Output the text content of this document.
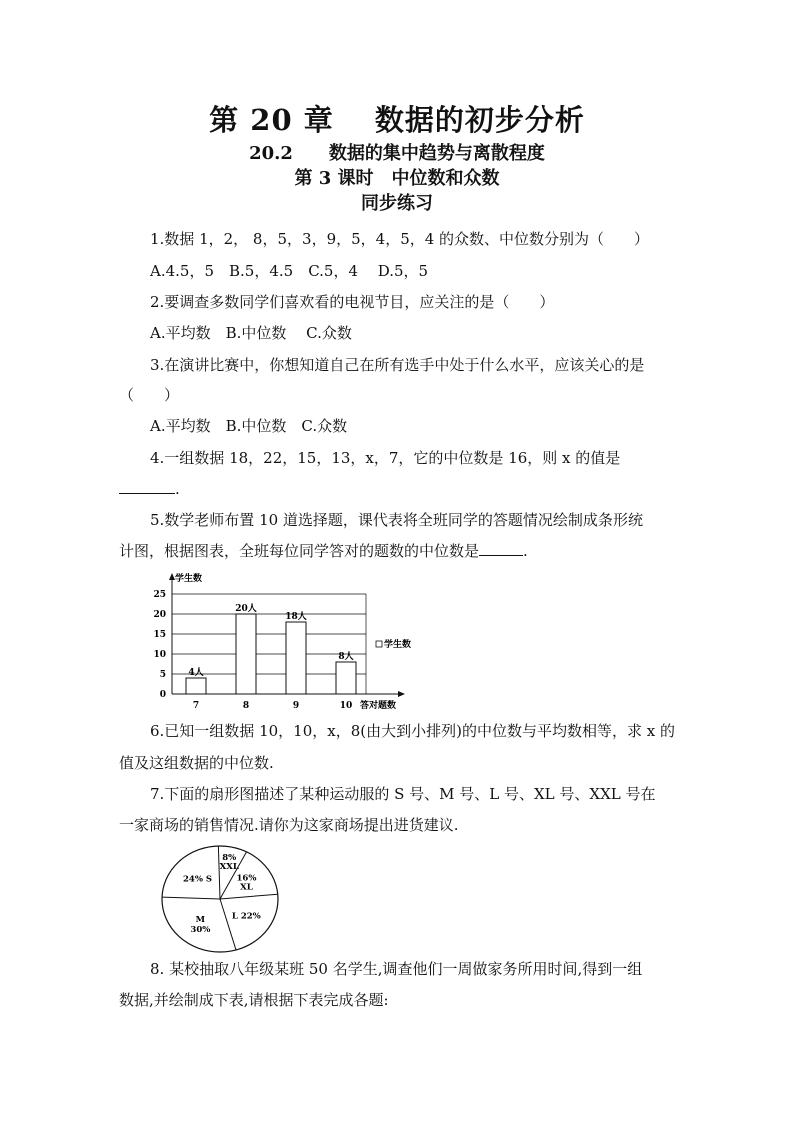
第 20 章　 数据的初步分析
20.2　　数据的集中趋势与离散程度
第 3 课时　中位数和众数
同步练习
1.数据 1，2， 8，5，3，9，5，4，5，4 的众数、中位数分别为（　　）
A.4.5，5　B.5，4.5　C.5，4　 D.5，5
2.要调查多数同学们喜欢看的电视节目，应关注的是（　　）
A.平均数　B.中位数　 C.众数
3.在演讲比赛中，你想知道自己在所有选手中处于什么水平，应该关心的是
（　　）
A.平均数　B.中位数　C.众数
4.一组数据 18，22，15，13，x，7，它的中位数是 16，则 x 的值是
.
5.数学老师布置 10 道选择题，课代表将全班同学的答题情况绘制成条形统
计图，根据图表，全班每位同学答对的题数的中位数是	.
学生数
答对题数
0
5
10
15
20
25
7	8	9	10
4人
20人
18人
8人
学生数
6.已知一组数据 10，10，x，8(由大到小排列)的中位数与平均数相等，求 x 的
值及这组数据的中位数.
7.下面的扇形图描述了某种运动服的 S 号、M 号、L 号、XL 号、XXL 号在
一家商场的销售情况.请你为这家商场提出进货建议.
24% S
8%
XXL
16%
XL
L 22%
M
30%
8. 某校抽取八年级某班 50 名学生,调查他们一周做家务所用时间,得到一组
数据,并绘制成下表,请根据下表完成各题:
